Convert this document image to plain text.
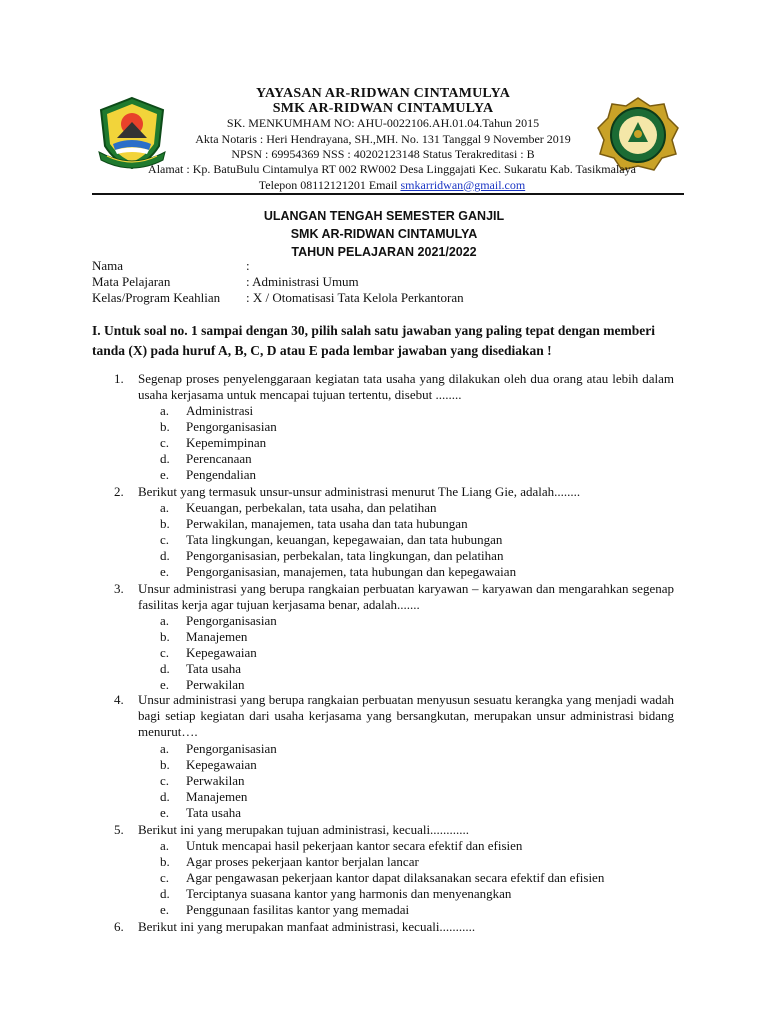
YAYASAN AR-RIDWAN CINTAMULYA
SMK AR-RIDWAN CINTAMULYA
SK. MENKUMHAM NO: AHU-0022106.AH.01.04.Tahun 2015
Akta Notaris : Heri Hendrayana, SH.,MH. No. 131 Tanggal 9 November 2019
NPSN : 69954369 NSS : 40202123148 Status Terakreditasi : B
Alamat : Kp. BatuBulu Cintamulya RT 002 RW002 Desa Linggajati Kec. Sukaratu Kab. Tasikmalaya
Telepon 08112121201 Email smkarridwan@gmail.com
ULANGAN TENGAH SEMESTER GANJIL
SMK AR-RIDWAN CINTAMULYA
TAHUN PELAJARAN 2021/2022
Nama	:
Mata Pelajaran	: Administrasi Umum
Kelas/Program Keahlian	: X / Otomatisasi Tata Kelola Perkantoran
I. Untuk soal no. 1 sampai dengan 30, pilih salah satu jawaban yang paling tepat dengan memberi tanda (X) pada huruf A, B, C, D atau E pada lembar jawaban yang disediakan !
1. Segenap proses penyelenggaraan kegiatan tata usaha yang dilakukan oleh dua orang atau lebih dalam usaha kerjasama untuk mencapai tujuan tertentu, disebut ........
a.	Administrasi
b.	Pengorganisasian
c.	Kepemimpinan
d.	Perencanaan
e.	Pengendalian
2. Berikut yang termasuk unsur-unsur administrasi menurut The Liang Gie, adalah........
a.	Keuangan, perbekalan, tata usaha, dan pelatihan
b.	Perwakilan, manajemen, tata usaha dan tata hubungan
c.	Tata lingkungan, keuangan, kepegawaian, dan tata hubungan
d.	Pengorganisasian, perbekalan, tata lingkungan, dan pelatihan
e.	Pengorganisasian, manajemen, tata hubungan dan kepegawaian
3. Unsur administrasi yang berupa rangkaian perbuatan karyawan – karyawan dan mengarahkan segenap fasilitas kerja agar tujuan kerjasama benar, adalah.......
a.	Pengorganisasian
b.	Manajemen
c.	Kepegawaian
d.	Tata usaha
e.	Perwakilan
4. Unsur administrasi yang berupa rangkaian perbuatan menyusun sesuatu kerangka yang menjadi wadah bagi setiap kegiatan dari usaha kerjasama yang bersangkutan, merupakan unsur administrasi bidang menurut….
a.	Pengorganisasian
b.	Kepegawaian
c.	Perwakilan
d.	Manajemen
e.	Tata usaha
5. Berikut ini yang merupakan tujuan administrasi, kecuali............
a.	Untuk mencapai hasil pekerjaan kantor secara efektif dan efisien
b.	Agar proses pekerjaan kantor berjalan lancar
c.	Agar pengawasan pekerjaan kantor dapat dilaksanakan secara efektif dan efisien
d.	Terciptanya suasana kantor yang harmonis dan menyenangkan
e.	Penggunaan fasilitas kantor yang memadai
6. Berikut ini yang merupakan manfaat administrasi, kecuali...........
